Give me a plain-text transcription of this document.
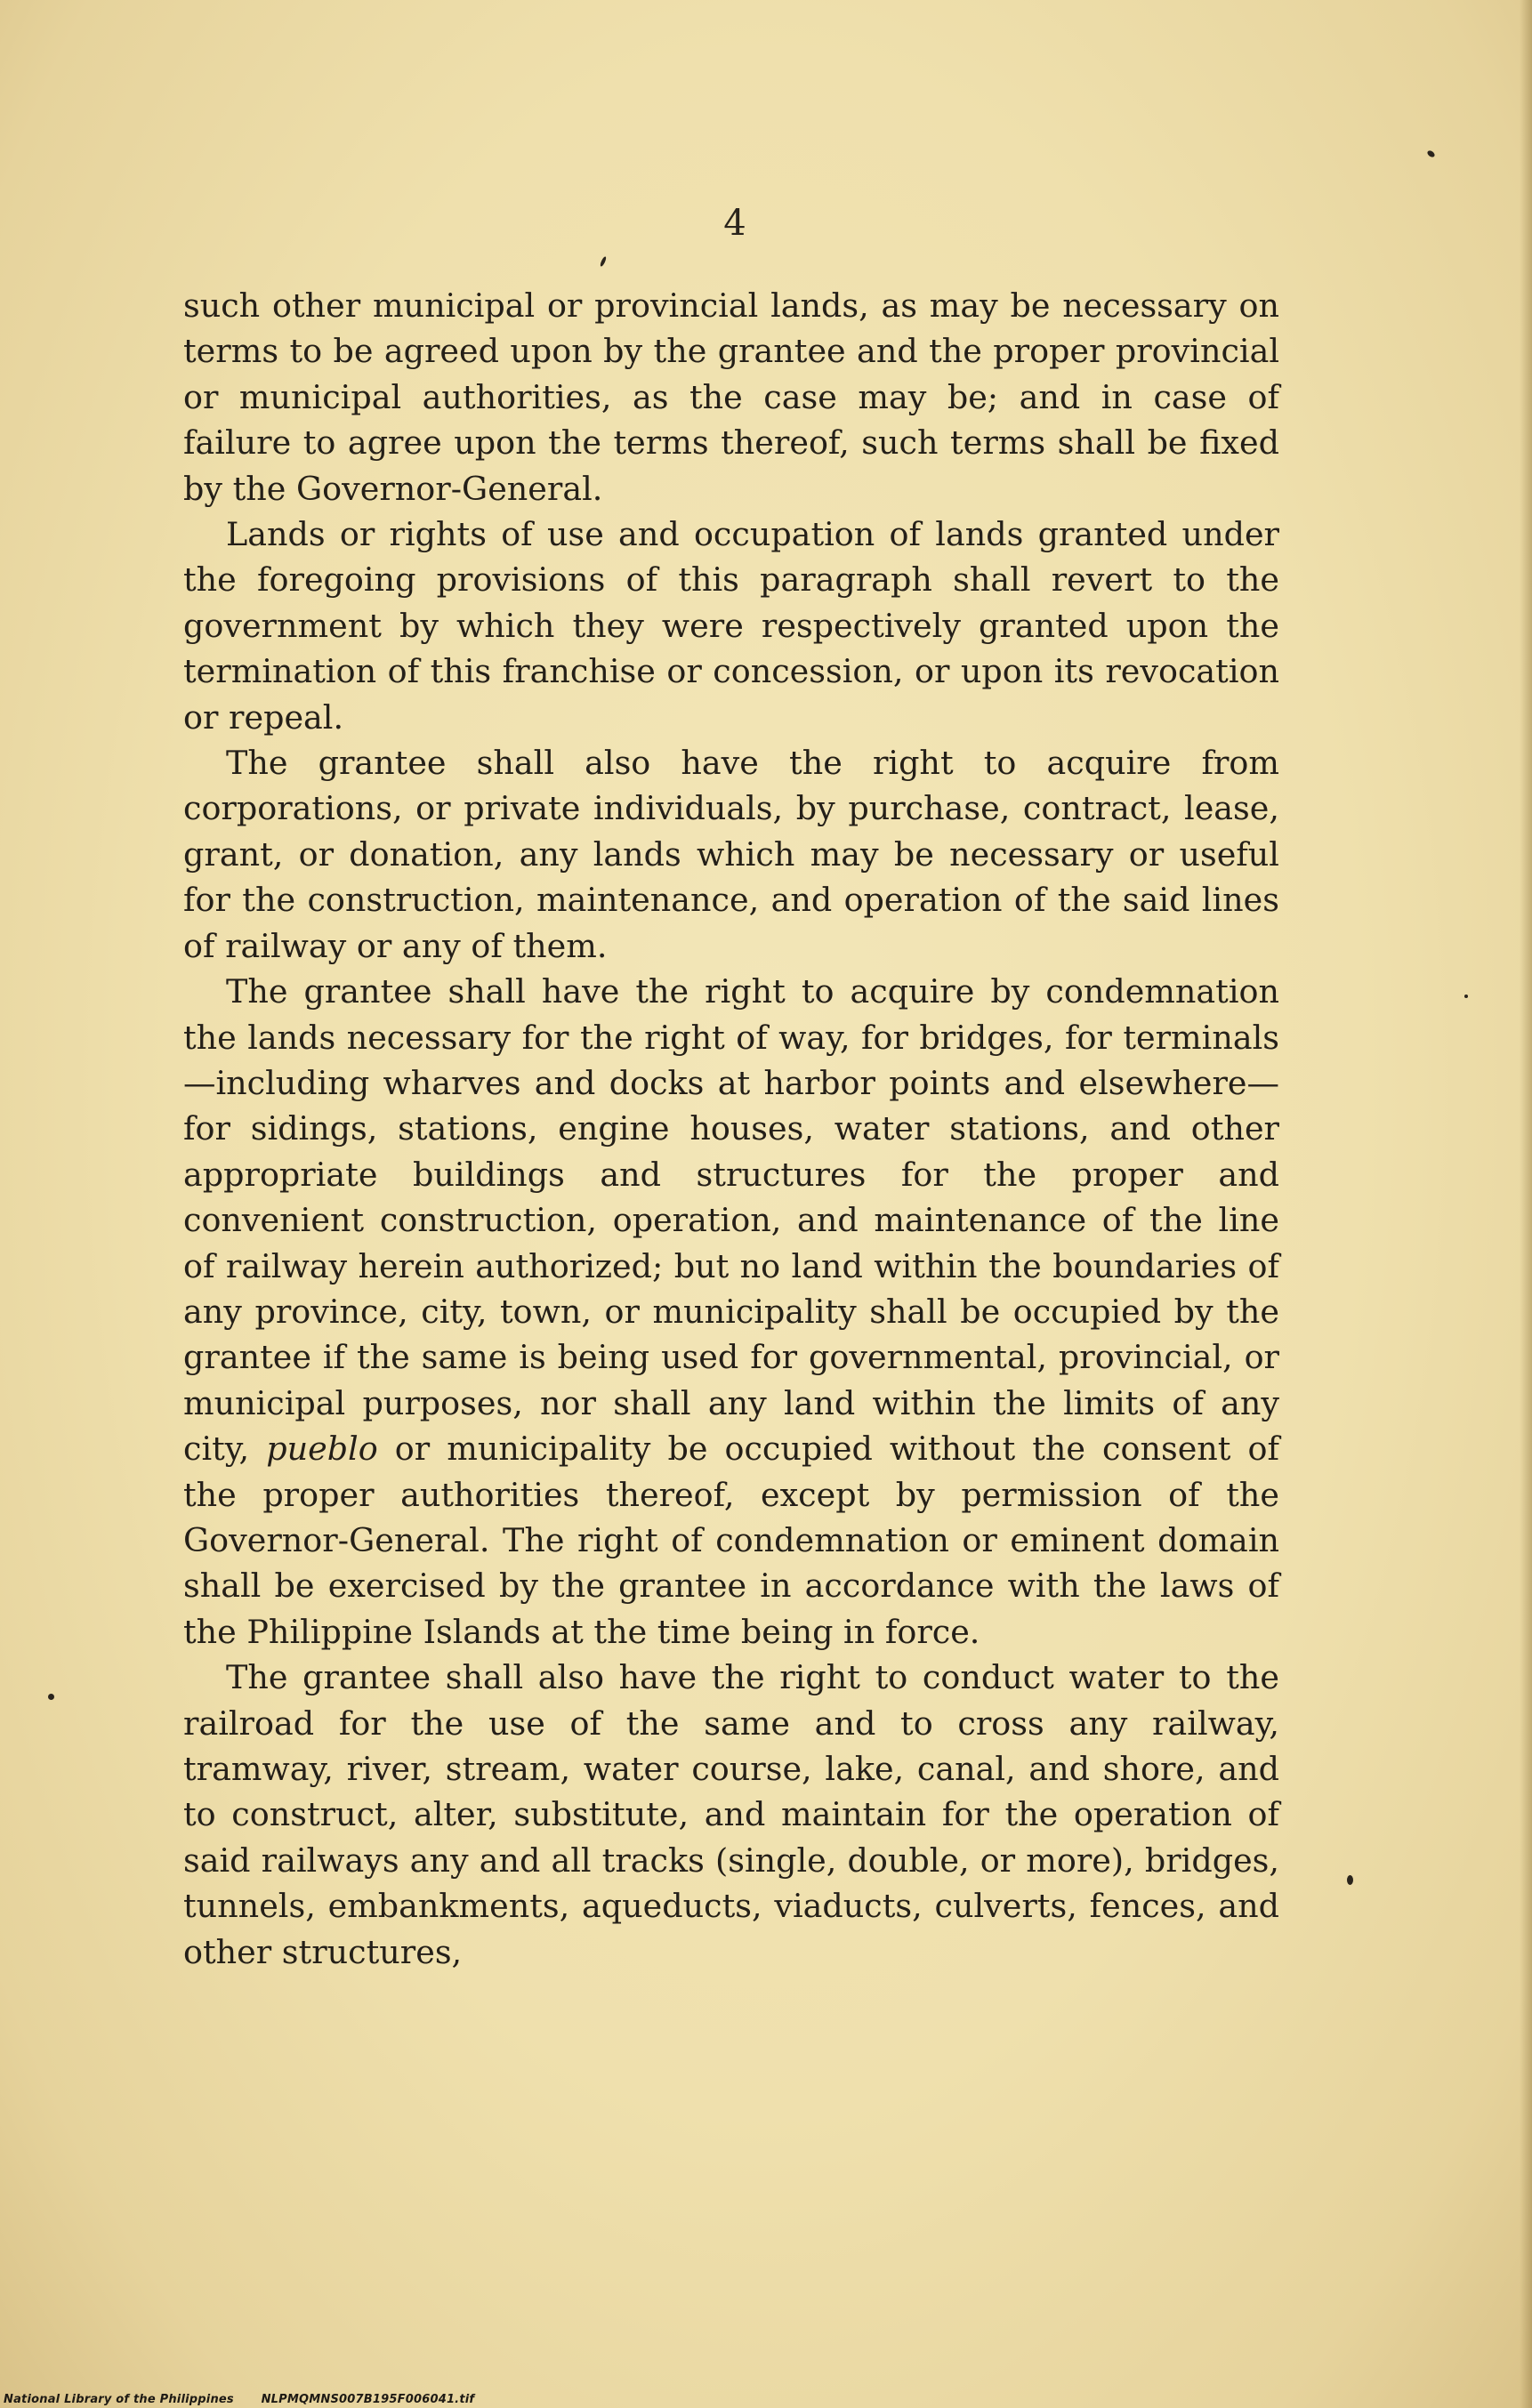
4

such other municipal or provincial lands, as may be necessary on terms to be agreed upon by the grantee and the proper provincial or municipal authorities, as the case may be; and in case of failure to agree upon the terms thereof, such terms shall be fixed by the Governor-General.

Lands or rights of use and occupation of lands granted under the foregoing provisions of this paragraph shall revert to the government by which they were respectively granted upon the termination of this franchise or concession, or upon its revocation or repeal.

The grantee shall also have the right to acquire from corporations, or private individuals, by purchase, contract, lease, grant, or donation, any lands which may be necessary or useful for the construction, maintenance, and operation of the said lines of railway or any of them.

The grantee shall have the right to acquire by condemnation the lands necessary for the right of way, for bridges, for terminals—including wharves and docks at harbor points and elsewhere—for sidings, stations, engine houses, water stations, and other appropriate buildings and structures for the proper and convenient construction, operation, and maintenance of the line of railway herein authorized; but no land within the boundaries of any province, city, town, or municipality shall be occupied by the grantee if the same is being used for governmental, provincial, or municipal purposes, nor shall any land within the limits of any city, pueblo or municipality be occupied without the consent of the proper authorities thereof, except by permission of the Governor-General. The right of condemnation or eminent domain shall be exercised by the grantee in accordance with the laws of the Philippine Islands at the time being in force.

The grantee shall also have the right to conduct water to the railroad for the use of the same and to cross any railway, tramway, river, stream, water course, lake, canal, and shore, and to construct, alter, substitute, and maintain for the operation of said railways any and all tracks (single, double, or more), bridges, tunnels, embankments, aqueducts, viaducts, culverts, fences, and other structures,

National Library of the Philippines NLPMQMNS007B195F006041.tif
